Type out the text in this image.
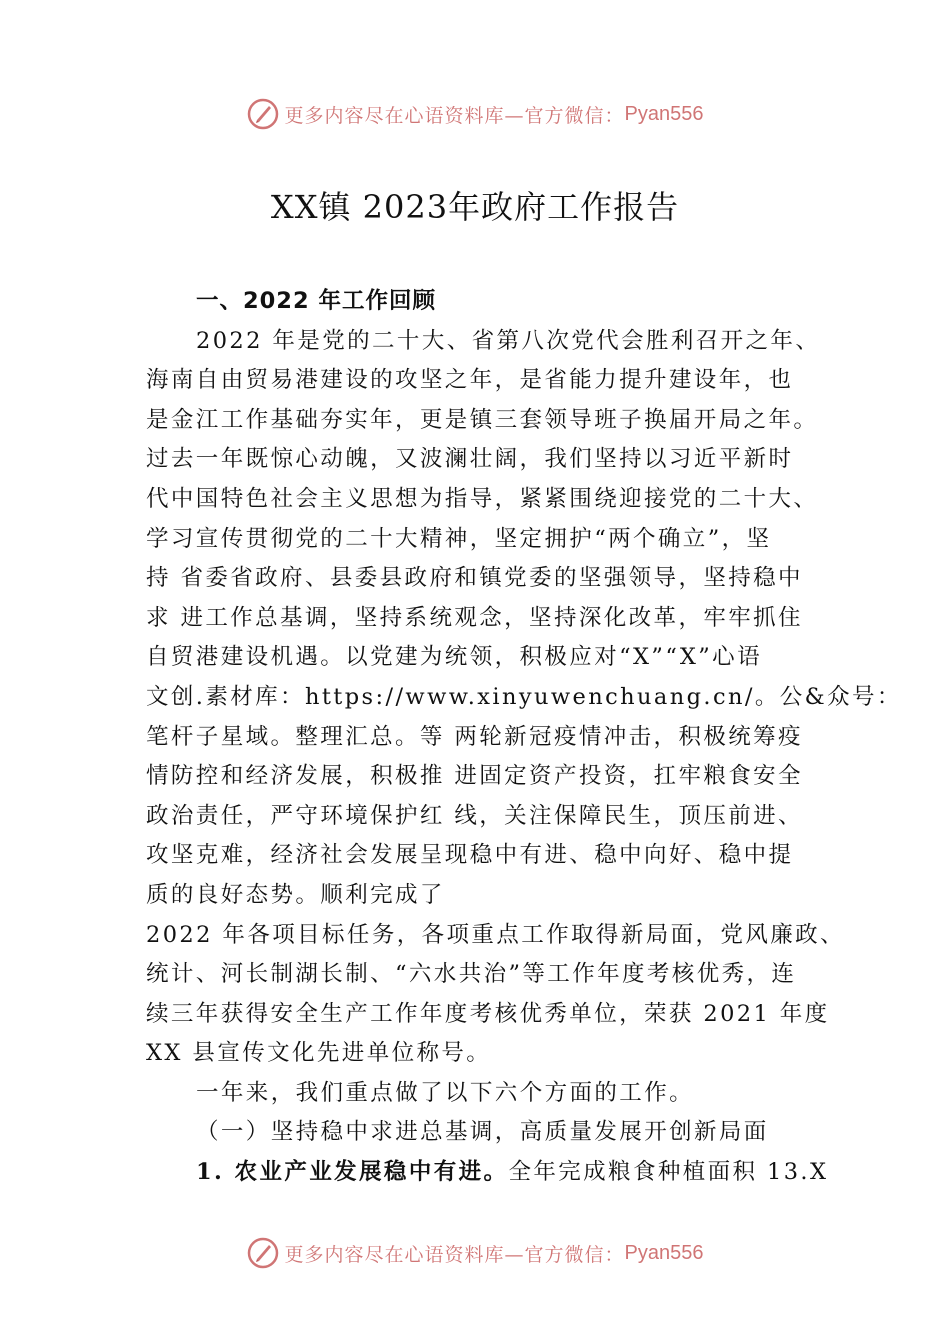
更多内容尽在心语资料库—官方微信： Pyan556
XX镇 2023年政府工作报告
一、2022 年工作回顾
2022 年是党的二十大、省第八次党代会胜利召开之年、
海南自由贸易港建设的攻坚之年，是省能力提升建设年，也
是金江工作基础夯实年，更是镇三套领导班子换届开局之年。
过去一年既惊心动魄，又波澜壮阔，我们坚持以习近平新时
代中国特色社会主义思想为指导，紧紧围绕迎接党的二十大、
学习宣传贯彻党的二十大精神，坚定拥护“两个确立”，坚
持 省委省政府、县委县政府和镇党委的坚强领导，坚持稳中
求 进工作总基调，坚持系统观念，坚持深化改革，牢牢抓住
自贸港建设机遇。以党建为统领，积极应对“X”“X”心语
文创.素材库：https://www.xinyuwenchuang.cn/。公&众号：
笔杆子星域。整理汇总。等 两轮新冠疫情冲击，积极统筹疫
情防控和经济发展，积极推 进固定资产投资，扛牢粮食安全
政治责任，严守环境保护红 线，关注保障民生，顶压前进、
攻坚克难，经济社会发展呈现稳中有进、稳中向好、稳中提
质的良好态势。顺利完成了
2022 年各项目标任务，各项重点工作取得新局面，党风廉政、
统计、河长制湖长制、“六水共治”等工作年度考核优秀，连
续三年获得安全生产工作年度考核优秀单位，荣获 2021 年度
XX 县宣传文化先进单位称号。
一年来，我们重点做了以下六个方面的工作。
（一）坚持稳中求进总基调，高质量发展开创新局面
1. 农业产业发展稳中有进。全年完成粮食种植面积 13.X
更多内容尽在心语资料库—官方微信： Pyan556
